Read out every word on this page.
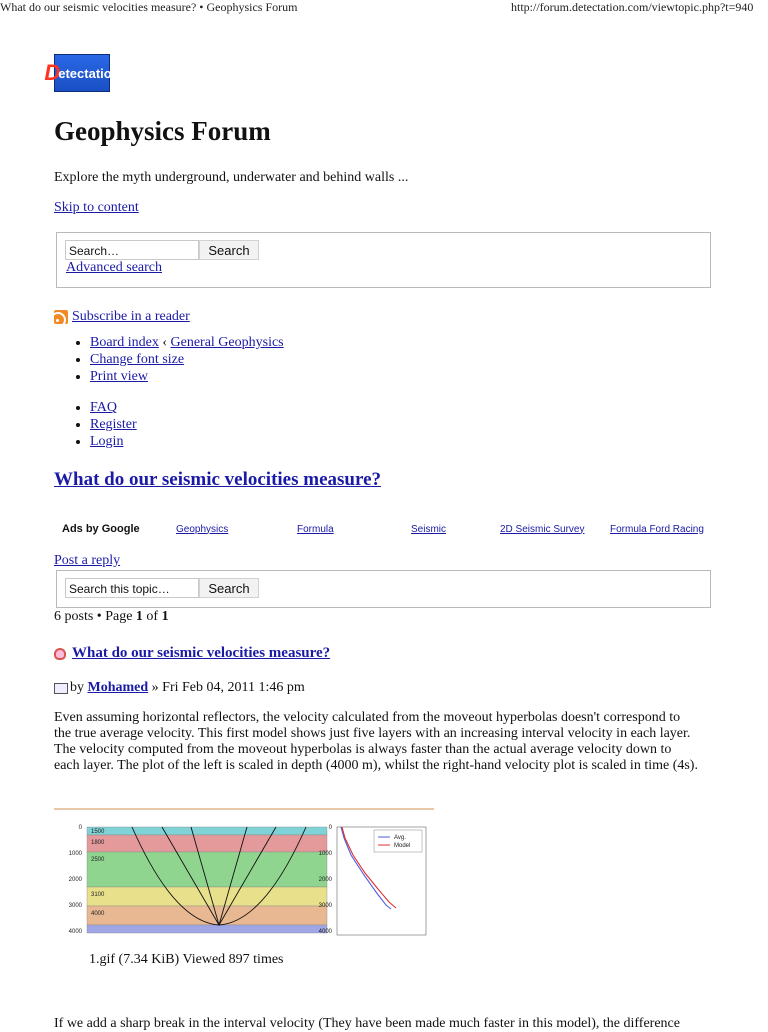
What do our seismic velocities measure? • Geophysics Forum	http://forum.detectation.com/viewtopic.php?t=940
D
etectation
Geophysics Forum
Explore the myth underground, underwater and behind walls ...
Skip to content
Search…	Search
Advanced search
Subscribe in a reader
• Board index ‹ General Geophysics
• Change font size
• Print view
• FAQ
• Register
• Login
What do our seismic velocities measure?
Ads by Google	Geophysics	Formula	Seismic	2D Seismic Survey	Formula Ford Racing
Post a reply
Search this topic…	Search
6 posts • Page 1 of 1
What do our seismic velocities measure?
by
Mohamed
» Fri Feb 04, 2011 1:46 pm
Even assuming horizontal reflectors, the velocity calculated from the moveout hyperbolas doesn't correspond to
the true average velocity. This first model shows just five layers with an increasing interval velocity in each layer.
The velocity computed from the moveout hyperbolas is always faster than the actual average velocity down to
each layer. The plot of the left is scaled in depth (4000 m), whilst the right-hand velocity plot is scaled in time (4s).
1500
1800
2500
3100
4000
0
1000
2000
3000
4000
0
1000
2000
3000
4000
Avg.
Model
1.gif (7.34 KiB) Viewed 897 times
If we add a sharp break in the interval velocity (They have been made much faster in this model), the difference
